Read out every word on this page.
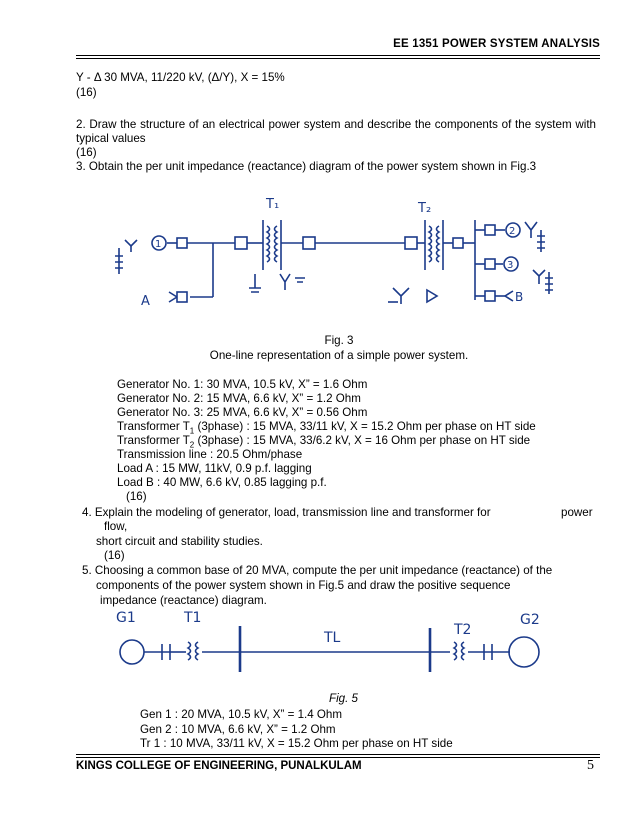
EE 1351 POWER SYSTEM ANALYSIS
Y - Δ 30 MVA, 11/220 kV, (Δ/Y), X = 15%
(16)
2. Draw the structure of an electrical power system and describe the components of the system with typical values
(16)
3. Obtain the per unit impedance (reactance) diagram of the power system shown in Fig.3
T₁	T₂
1
2
3
A	B
Fig. 3
One-line representation of a simple power system.
Generator No. 1: 30 MVA, 10.5 kV, X” = 1.6 Ohm
Generator No. 2: 15 MVA, 6.6 kV, X” = 1.2 Ohm
Generator No. 3: 25 MVA, 6.6 kV, X” = 0.56 Ohm
Transformer $T_1$ (3phase) : 15 MVA, 33/11 kV, X = 15.2 Ohm per phase on HT side
Transformer $T_2$ (3phase) : 15 MVA, 33/6.2 kV, X = 16 Ohm per phase on HT side
Transmission line : 20.5 Ohm/phase
Load A : 15 MW, 11kV, 0.9 p.f. lagging
Load B : 40 MW, 6.6 kV, 0.85 lagging p.f.
(16)
4. Explain the modeling of generator, load, transmission line and transformer for	power
flow,
short circuit and stability studies.
(16)
5. Choosing a common base of 20 MVA, compute the per unit impedance (reactance) of the
components of the power system shown in Fig.5 and draw the positive sequence
impedance (reactance) diagram.
G1	T1
TL	T2
G2
Fig. 5
Gen 1 : 20 MVA, 10.5 kV, X” = 1.4 Ohm
Gen 2 : 10 MVA, 6.6 kV, X” = 1.2 Ohm
Tr 1 : 10 MVA, 33/11 kV, X = 15.2 Ohm per phase on HT side
KINGS COLLEGE OF ENGINEERING, PUNALKULAM	5
